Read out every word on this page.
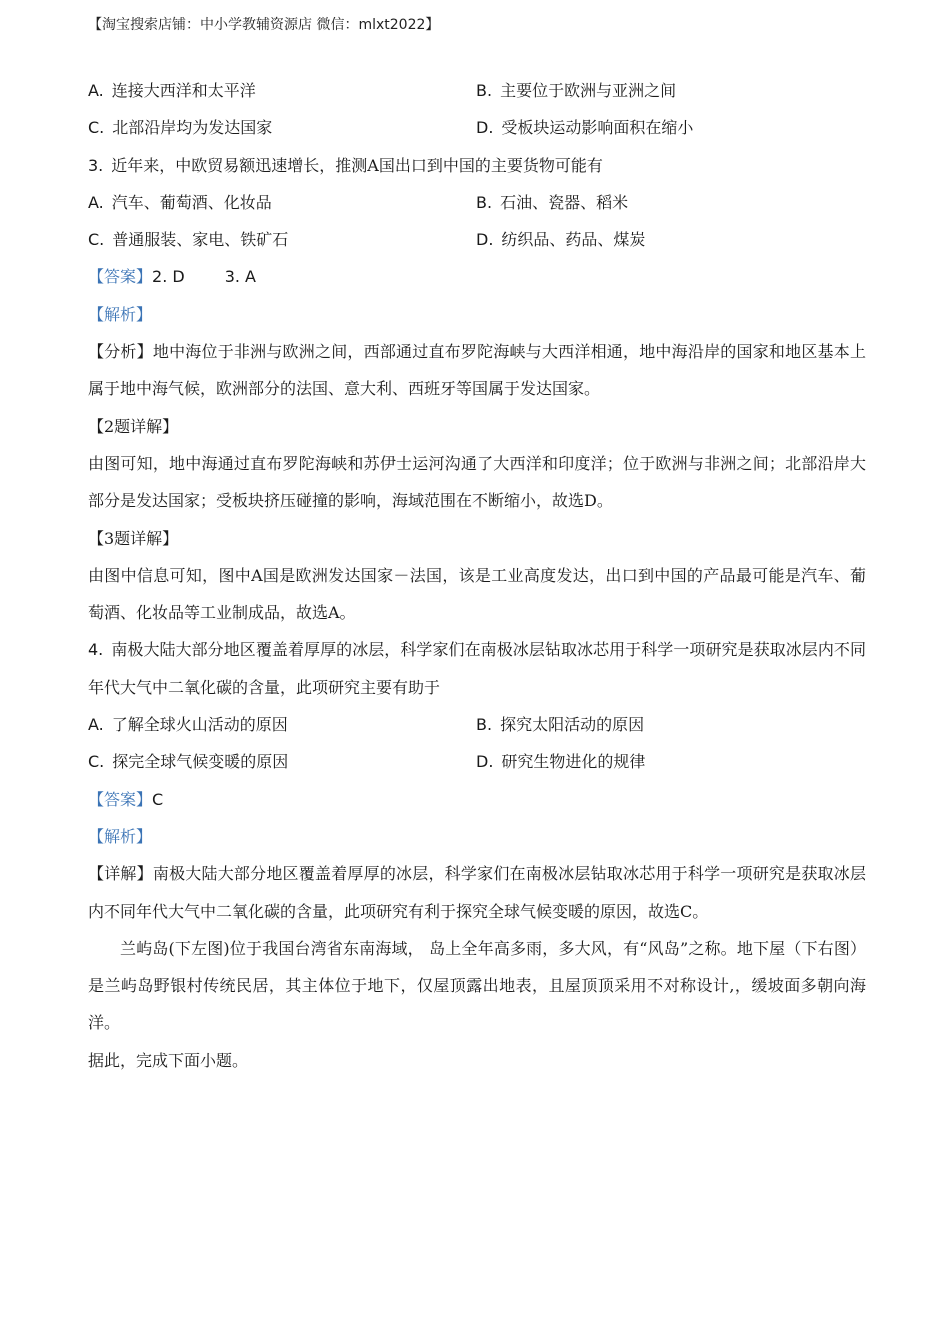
【淘宝搜索店铺：中小学教辅资源店 微信：mlxt2022】
A. 连接大西洋和太平洋	B. 主要位于欧洲与亚洲之间
C. 北部沿岸均为发达国家	D. 受板块运动影响面积在缩小
3. 近年来，中欧贸易额迅速增长，推测A国出口到中国的主要货物可能有
A. 汽车、葡萄酒、化妆品	B. 石油、瓷器、稻米
C. 普通服装、家电、铁矿石	D. 纺织品、药品、煤炭
【答案】2. D	3. A
【解析】
【分析】地中海位于非洲与欧洲之间，西部通过直布罗陀海峡与大西洋相通，地中海沿岸的国家和地区基本上属于地中海气候，欧洲部分的法国、意大利、西班牙等国属于发达国家。
【2题详解】
由图可知，地中海通过直布罗陀海峡和苏伊士运河沟通了大西洋和印度洋；位于欧洲与非洲之间；北部沿岸大部分是发达国家；受板块挤压碰撞的影响，海域范围在不断缩小，故选D。
【3题详解】
由图中信息可知，图中A国是欧洲发达国家－法国，该是工业高度发达，出口到中国的产品最可能是汽车、葡萄酒、化妆品等工业制成品，故选A。
4. 南极大陆大部分地区覆盖着厚厚的冰层，科学家们在南极冰层钻取冰芯用于科学一项研究是获取冰层内不同年代大气中二氧化碳的含量，此项研究主要有助于
A. 了解全球火山活动的原因	B. 探究太阳活动的原因
C. 探完全球气候变暖的原因	D. 研究生物进化的规律
【答案】C
【解析】
【详解】南极大陆大部分地区覆盖着厚厚的冰层，科学家们在南极冰层钻取冰芯用于科学一项研究是获取冰层内不同年代大气中二氧化碳的含量，此项研究有利于探究全球气候变暖的原因，故选C。
兰屿岛(下左图)位于我国台湾省东南海域， 岛上全年高多雨，多大风，有“风岛”之称。地下屋（下右图）是兰屿岛野银村传统民居，其主体位于地下，仅屋顶露出地表，且屋顶顶采用不对称设计,，缓坡面多朝向海洋。
据此，完成下面小题。
